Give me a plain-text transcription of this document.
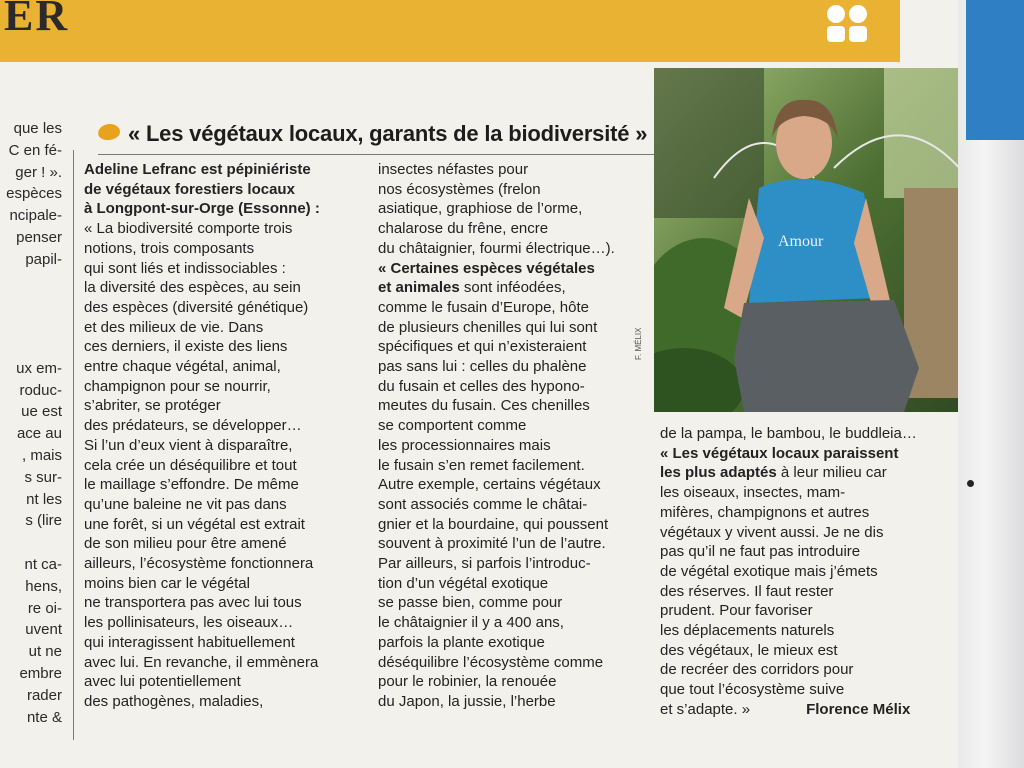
ER
que les
C en fé-
ger ! ».
espèces
ncipale-
penser
papil-
ux em-
roduc-
ue est
ace au
, mais
s sur-
nt les
s (lire
nt ca-
hens,
re oi-
uvent
ut ne
embre
rader
nte &
« Les végétaux locaux, garants de la biodiversité »
Adeline Lefranc est pépiniériste
de végétaux forestiers locaux
à Longpont-sur-Orge (Essonne) :
« La biodiversité comporte trois
notions, trois composants
qui sont liés et indissociables :
la diversité des espèces, au sein
des espèces (diversité génétique)
et des milieux de vie. Dans
ces derniers, il existe des liens
entre chaque végétal, animal,
champignon pour se nourrir,
s’abriter, se protéger
des prédateurs, se développer…
Si l’un d’eux vient à disparaître,
cela crée un déséquilibre et tout
le maillage s’effondre. De même
qu’une baleine ne vit pas dans
une forêt, si un végétal est extrait
de son milieu pour être amené
ailleurs, l’écosystème fonctionnera
moins bien car le végétal
ne transportera pas avec lui tous
les pollinisateurs, les oiseaux…
qui interagissent habituellement
avec lui. En revanche, il emmènera
avec lui potentiellement
des pathogènes, maladies,
insectes néfastes pour
nos écosystèmes (frelon
asiatique, graphiose de l’orme,
chalarose du frêne, encre
du châtaignier, fourmi électrique…).
« Certaines espèces végétales
et animales sont inféodées,
comme le fusain d’Europe, hôte
de plusieurs chenilles qui lui sont
spécifiques et qui n’existeraient
pas sans lui : celles du phalène
du fusain et celles des hypono-
meutes du fusain. Ces chenilles
se comportent comme
les processionnaires mais
le fusain s’en remet facilement.
Autre exemple, certains végétaux
sont associés comme le châtai-
gnier et la bourdaine, qui poussent
souvent à proximité l’un de l’autre.
Par ailleurs, si parfois l’introduc-
tion d’un végétal exotique
se passe bien, comme pour
le châtaignier il y a 400 ans,
parfois la plante exotique
déséquilibre l’écosystème comme
pour le robinier, la renouée
du Japon, la jussie, l’herbe
Amour
F. MÉLIX
de la pampa, le bambou, le buddleia…
« Les végétaux locaux paraissent
les plus adaptés à leur milieu car
les oiseaux, insectes, mam-
mifères, champignons et autres
végétaux y vivent aussi. Je ne dis
pas qu’il ne faut pas introduire
de végétal exotique mais j’émets
des réserves. Il faut rester
prudent. Pour favoriser
les déplacements naturels
des végétaux, le mieux est
de recréer des corridors pour
que tout l’écosystème suive
et s’adapte. »	Florence Mélix
